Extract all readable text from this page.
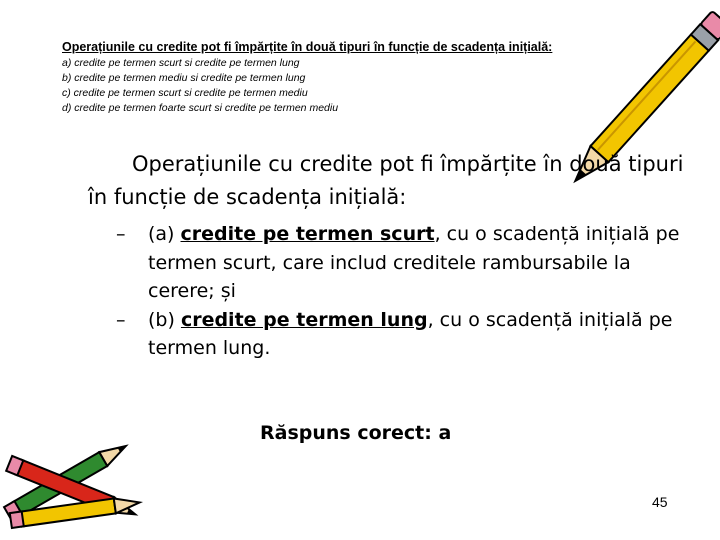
Operațiunile cu credite pot fi împărțite în două tipuri în funcție de scadența inițială:
a) credite pe termen scurt si credite pe termen lung
b) credite pe termen mediu si credite pe termen lung
c) credite pe termen scurt si credite pe termen mediu
d) credite pe termen foarte scurt si credite pe termen mediu

Operațiunile cu credite pot fi împărțite în două tipuri în funcție de scadența inițială:

– (a) credite pe termen scurt, cu o scadență inițială pe termen scurt, care includ creditele rambursabile la cerere; și
– (b) credite pe termen lung, cu o scadență inițială pe termen lung.
Răspuns corect: a
45
